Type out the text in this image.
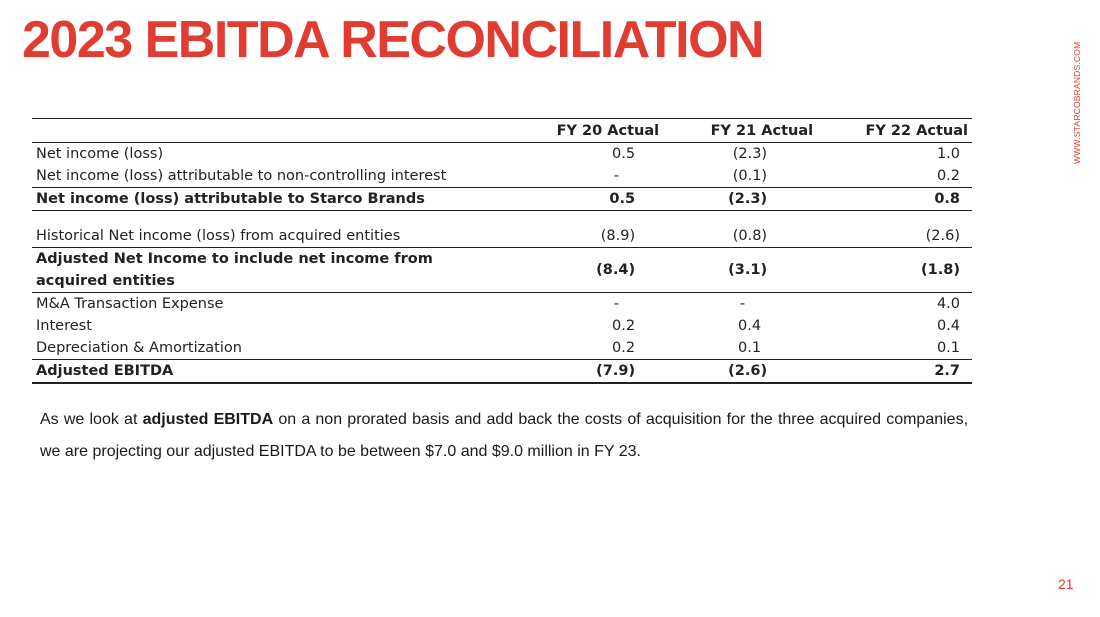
2023 EBITDA RECONCILIATION
WWW.STARCOBRANDS.COM
	FY 20 Actual	FY 21 Actual	FY 22 Actual
Net income (loss)	0.5	(2.3)	1.0
Net income (loss) attributable to non-controlling interest	-	(0.1)	0.2
Net income (loss) attributable to Starco Brands	0.5	(2.3)	0.8

Historical Net income (loss) from acquired entities	(8.9)	(0.8)	(2.6)
Adjusted Net Income to include net income from acquired entities	(8.4)	(3.1)	(1.8)
M&A Transaction Expense	-	-	4.0
Interest	0.2	0.4	0.4
Depreciation & Amortization	0.2	0.1	0.1
Adjusted EBITDA	(7.9)	(2.6)	2.7

As we look at adjusted EBITDA on a non prorated basis and add back the costs of acquisition for the three acquired companies, we are projecting our adjusted EBITDA to be between $7.0 and $9.0 million in FY 23.

21
